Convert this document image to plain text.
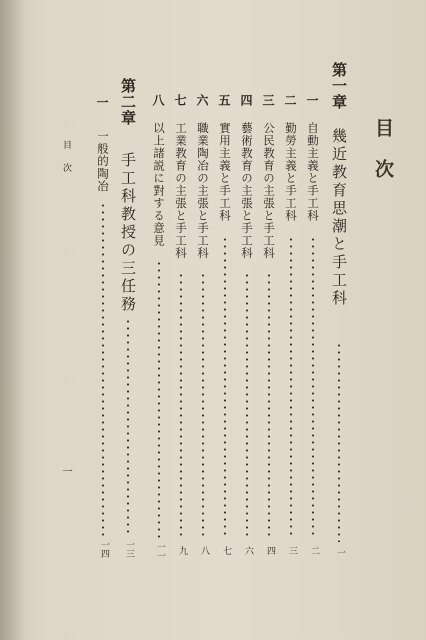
目次
第一章
幾近教育思潮と手工科
一
一
自動主義と手工科
二
二
勤勞主義と手工科
三
三
公民教育の主張と手工科
四
四
藝術教育の主張と手工科
六
五
實用主義と手工科
七
六
職業陶冶の主張と手工科
八
七
工業教育の主張と手工科
九
八
以上諸説に對する意見
一一
第二章
手工科教授の三任務
一三
一
一般的陶冶
一四
目次
一
